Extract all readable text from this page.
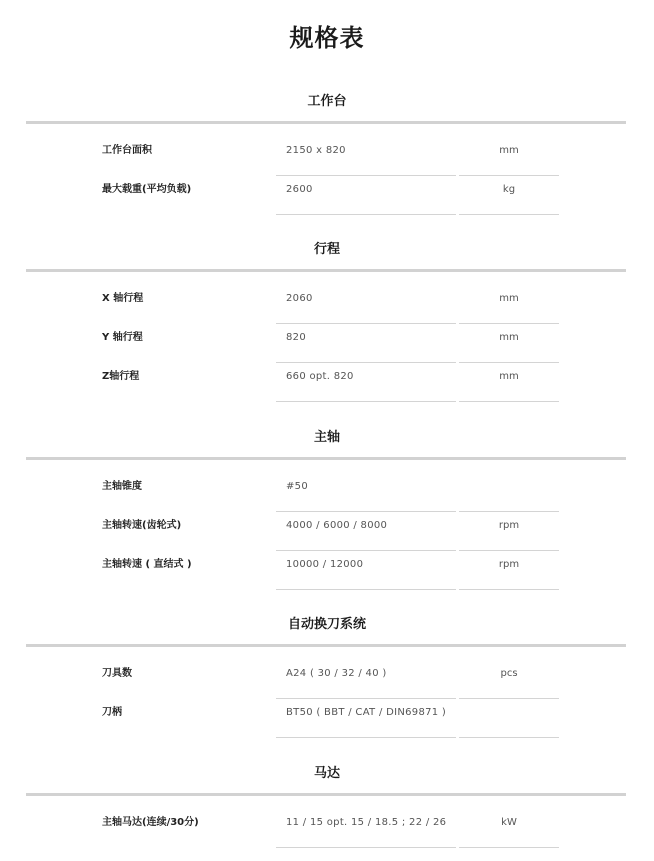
规格表
工作台
工作台面积	2150 x 820	mm
最大载重(平均负载)	2600	kg
行程
X 轴行程	2060	mm
Y 轴行程	820	mm
Z轴行程	660 opt. 820	mm
主轴
主轴锥度	#50
主轴转速(齿轮式)	4000 / 6000 / 8000	rpm
主轴转速 ( 直结式 )	10000 / 12000	rpm
自动换刀系统
刀具数	A24 ( 30 / 32 / 40 )	pcs
刀柄	BT50 ( BBT / CAT / DIN69871 )
马达
主轴马达(连续/30分)	11 / 15 opt. 15 / 18.5 ; 22 / 26	kW
